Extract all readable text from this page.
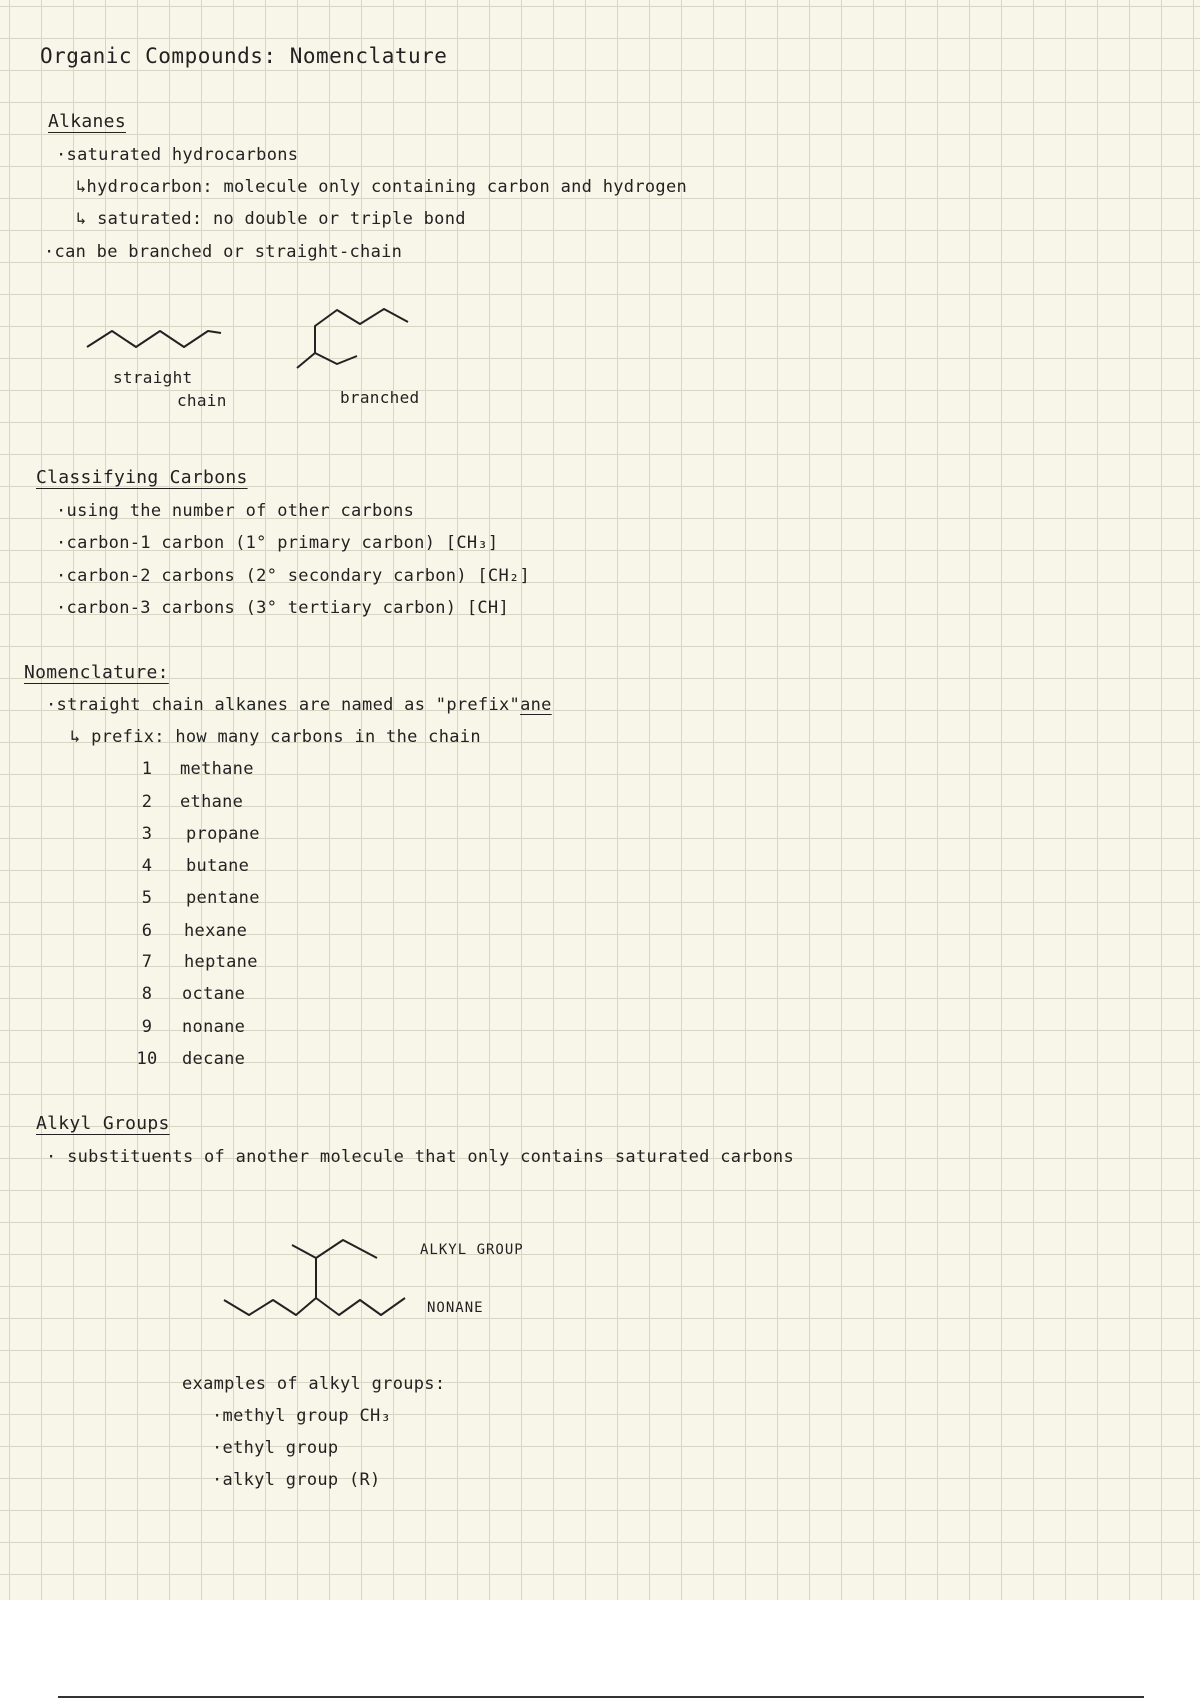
Organic Compounds: Nomenclature
Alkanes
·saturated hydrocarbons
↳hydrocarbon: molecule only containing carbon and hydrogen
↳ saturated: no double or triple bond
·can be branched or straight-chain
straight
chain	branched
Classifying Carbons
·using the number of other carbons
·carbon-1 carbon (1° primary carbon) [CH₃]
·carbon-2 carbons (2° secondary carbon) [CH₂]
·carbon-3 carbons (3° tertiary carbon) [CH]
Nomenclature:
·straight chain alkanes are named as "prefix"ane
↳ prefix: how many carbons in the chain
1	methane
2	ethane
3	propane
4	butane
5	pentane
6	hexane
7	heptane
8	octane
9	nonane
10 decane
Alkyl Groups
· substituents of another molecule that only contains saturated carbons
ALKYL GROUP
NONANE
examples of alkyl groups:
·methyl group CH₃
·ethyl group
·alkyl group (R)
